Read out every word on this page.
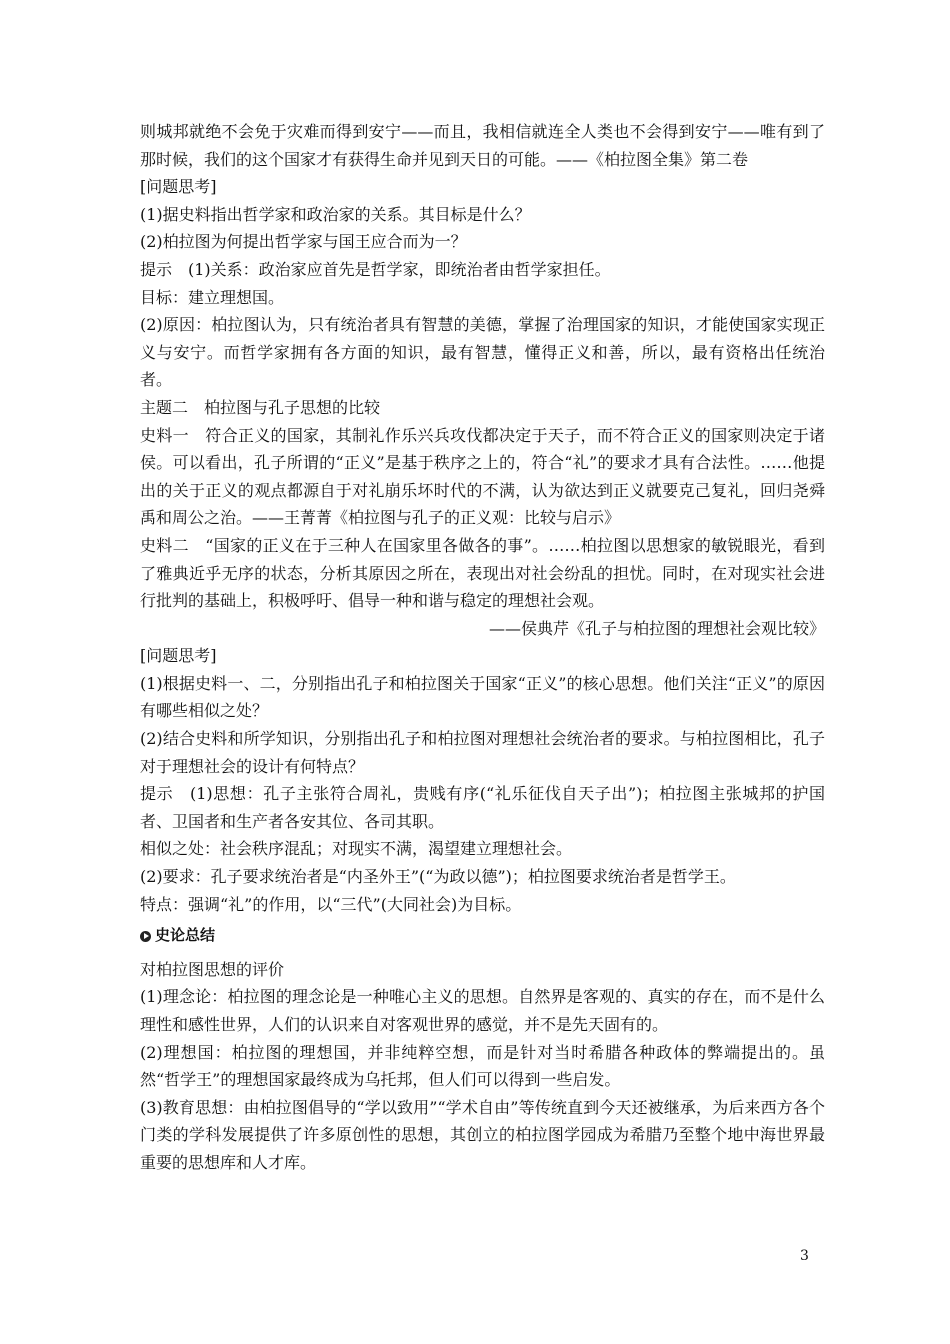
则城邦就绝不会免于灾难而得到安宁——而且，我相信就连全人类也不会得到安宁——唯有到了那时候，我们的这个国家才有获得生命并见到天日的可能。——《柏拉图全集》第二卷

[问题思考]

(1)据史料指出哲学家和政治家的关系。其目标是什么？

(2)柏拉图为何提出哲学家与国王应合而为一？

提示　(1)关系：政治家应首先是哲学家，即统治者由哲学家担任。

目标：建立理想国。

(2)原因：柏拉图认为，只有统治者具有智慧的美德，掌握了治理国家的知识，才能使国家实现正义与安宁。而哲学家拥有各方面的知识，最有智慧，懂得正义和善，所以，最有资格出任统治者。

主题二　柏拉图与孔子思想的比较

史料一　符合正义的国家，其制礼作乐兴兵攻伐都决定于天子，而不符合正义的国家则决定于诸侯。可以看出，孔子所谓的“正义”是基于秩序之上的，符合“礼”的要求才具有合法性。……他提出的关于正义的观点都源自于对礼崩乐坏时代的不满，认为欲达到正义就要克己复礼，回归尧舜禹和周公之治。——王菁菁《柏拉图与孔子的正义观：比较与启示》

史料二　“国家的正义在于三种人在国家里各做各的事”。……柏拉图以思想家的敏锐眼光，看到了雅典近乎无序的状态，分析其原因之所在，表现出对社会纷乱的担忧。同时，在对现实社会进行批判的基础上，积极呼吁、倡导一种和谐与稳定的理想社会观。

——侯典芹《孔子与柏拉图的理想社会观比较》

[问题思考]

(1)根据史料一、二，分别指出孔子和柏拉图关于国家“正义”的核心思想。他们关注“正义”的原因有哪些相似之处？

(2)结合史料和所学知识，分别指出孔子和柏拉图对理想社会统治者的要求。与柏拉图相比，孔子对于理想社会的设计有何特点？

提示　(1)思想：孔子主张符合周礼，贵贱有序(“礼乐征伐自天子出”)；柏拉图主张城邦的护国者、卫国者和生产者各安其位、各司其职。

相似之处：社会秩序混乱；对现实不满，渴望建立理想社会。

(2)要求：孔子要求统治者是“内圣外王”(“为政以德”)；柏拉图要求统治者是哲学王。

特点：强调“礼”的作用，以“三代”(大同社会)为目标。

史论总结

对柏拉图思想的评价

(1)理念论：柏拉图的理念论是一种唯心主义的思想。自然界是客观的、真实的存在，而不是什么理性和感性世界，人们的认识来自对客观世界的感觉，并不是先天固有的。

(2)理想国：柏拉图的理想国，并非纯粹空想，而是针对当时希腊各种政体的弊端提出的。虽然“哲学王”的理想国家最终成为乌托邦，但人们可以得到一些启发。

(3)教育思想：由柏拉图倡导的“学以致用”“学术自由”等传统直到今天还被继承，为后来西方各个门类的学科发展提供了许多原创性的思想，其创立的柏拉图学园成为希腊乃至整个地中海世界最重要的思想库和人才库。

3
